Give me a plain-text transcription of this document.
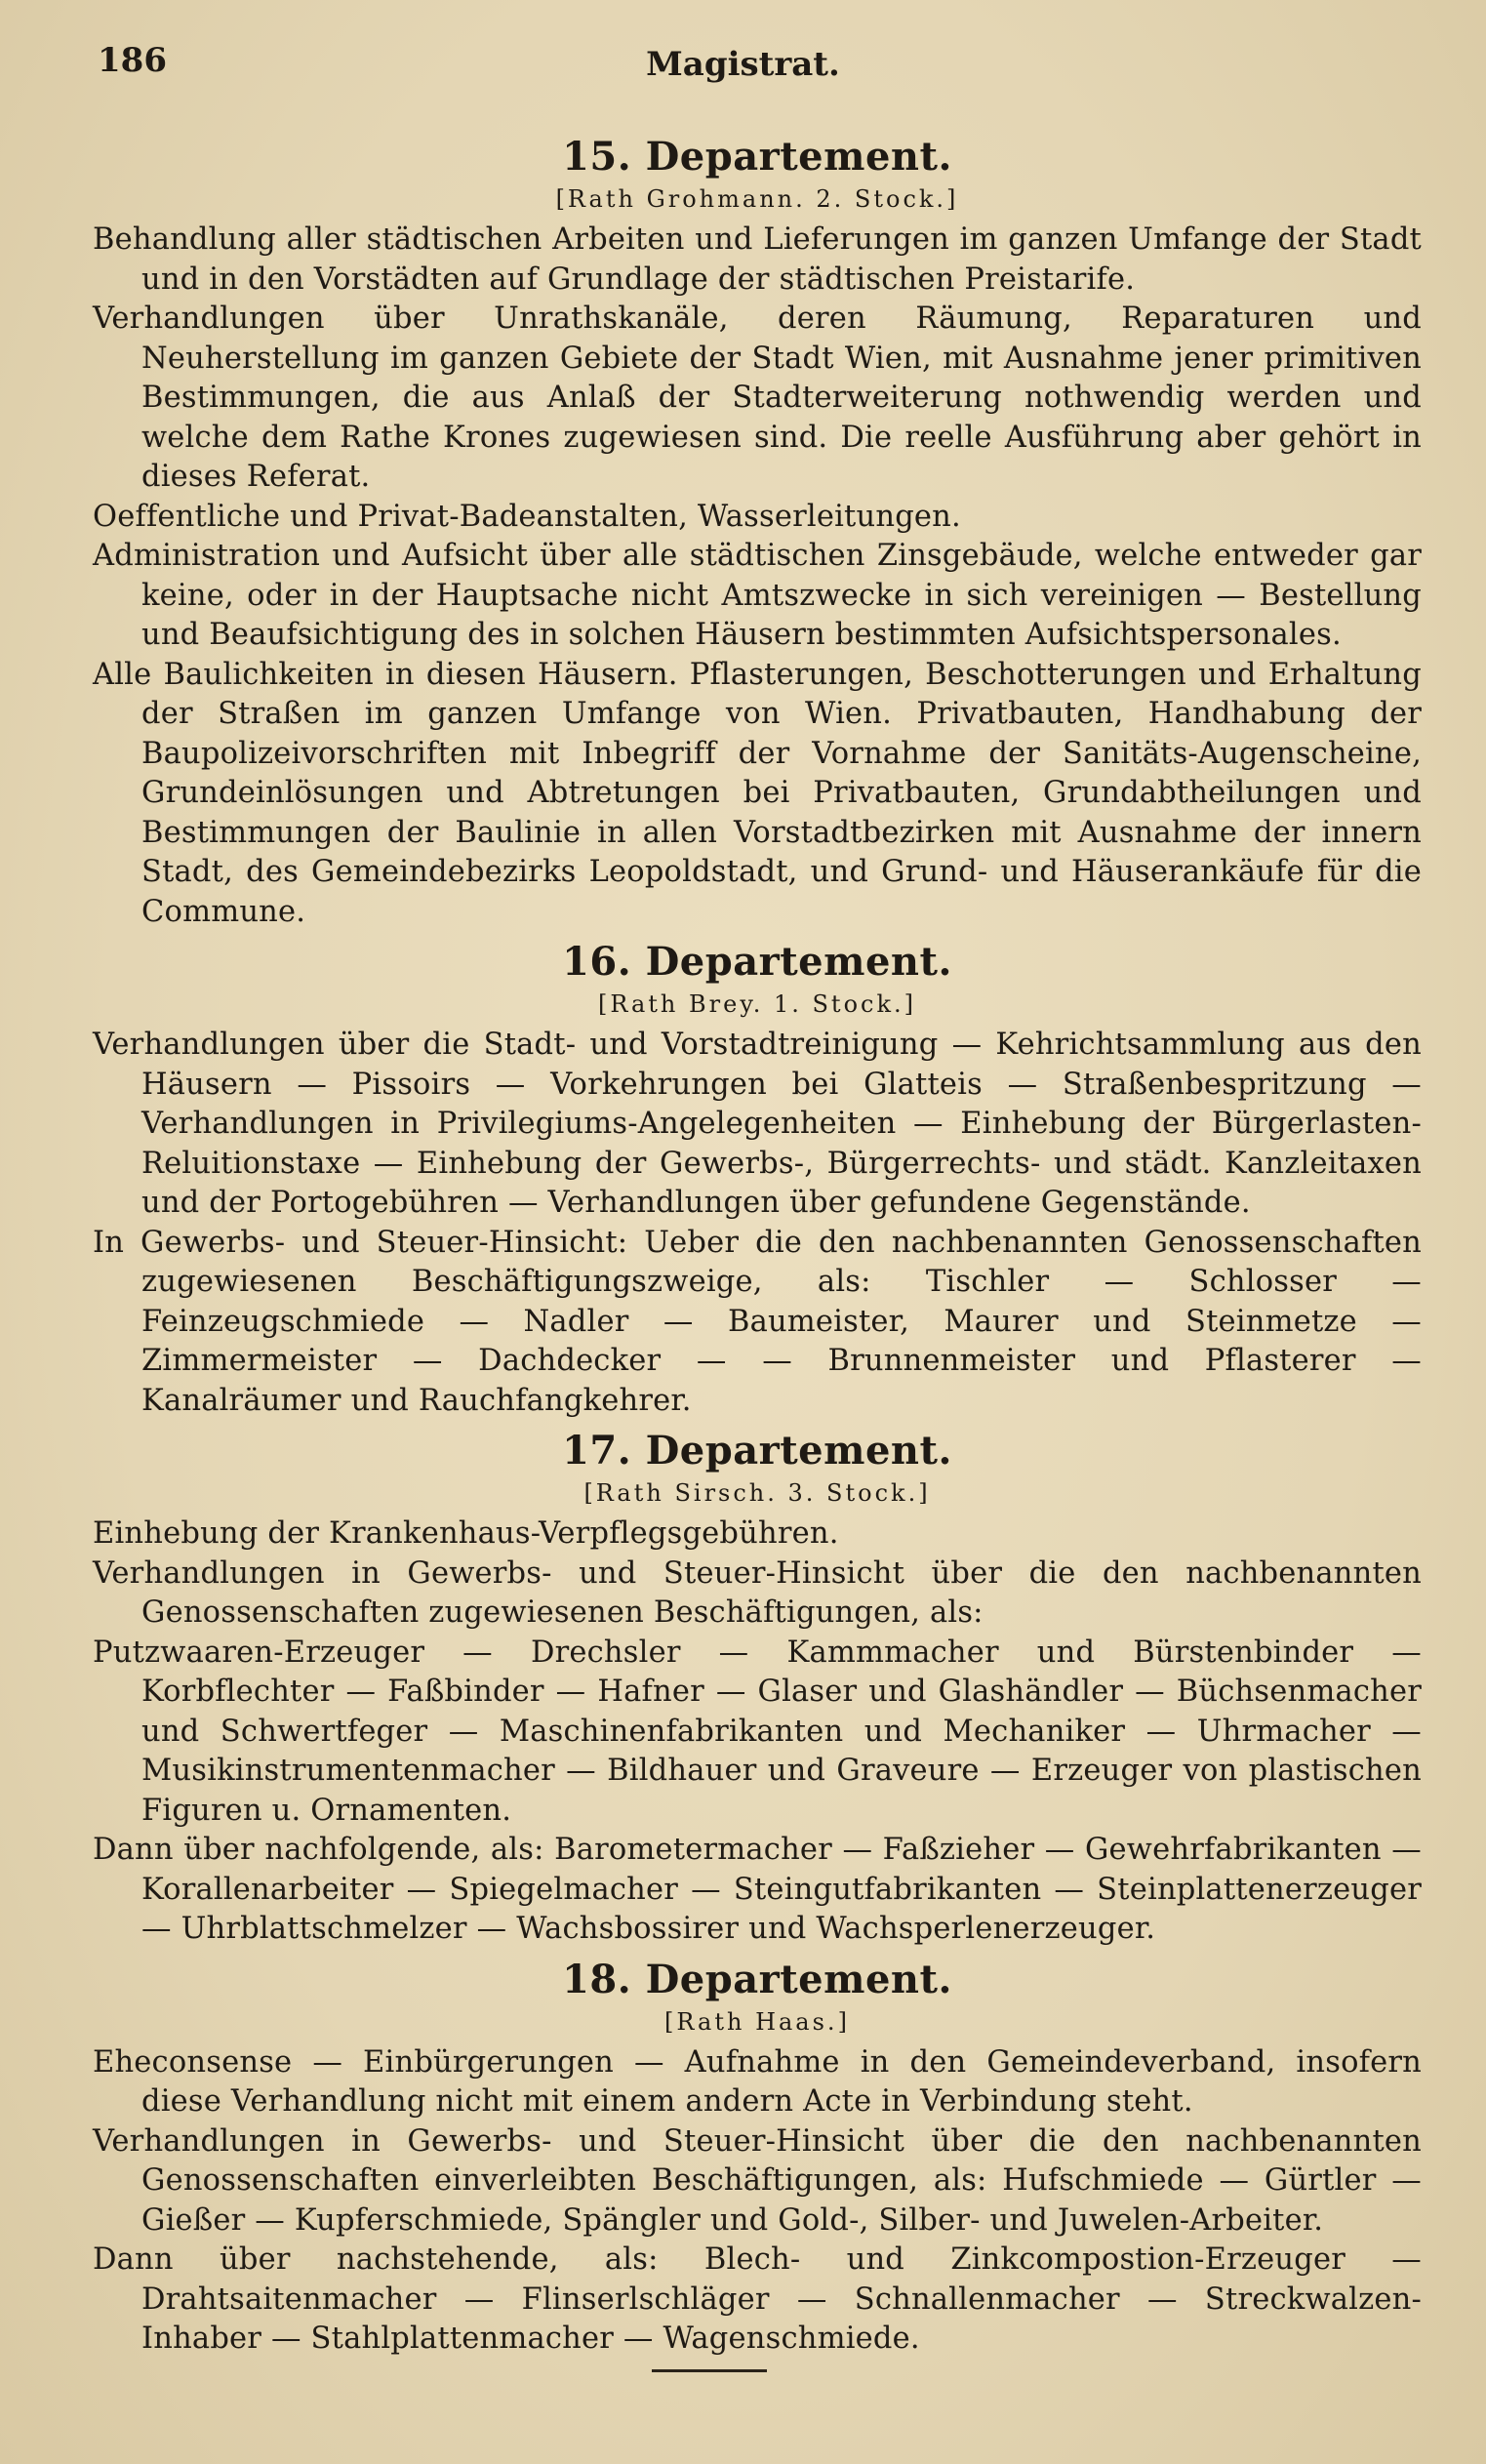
186	Magistrat.
15. Departement.
[Rath Grohmann. 2. Stock.]

Behandlung aller städtischen Arbeiten und Lieferungen im ganzen Umfange der Stadt und in den Vorstädten auf Grundlage der städtischen Preistarife.

Verhandlungen über Unrathskanäle, deren Räumung, Reparaturen und Neuherstellung im ganzen Gebiete der Stadt Wien, mit Ausnahme jener primitiven Bestimmungen, die aus Anlaß der Stadterweiterung nothwendig werden und welche dem Rathe Krones zugewiesen sind. Die reelle Ausführung aber gehört in dieses Referat.

Oeffentliche und Privat-Badeanstalten, Wasserleitungen.

Administration und Aufsicht über alle städtischen Zinsgebäude, welche entweder gar keine, oder in der Hauptsache nicht Amtszwecke in sich vereinigen — Bestellung und Beaufsichtigung des in solchen Häusern bestimmten Aufsichtspersonales.

Alle Baulichkeiten in diesen Häusern. Pflasterungen, Beschotterungen und Erhaltung der Straßen im ganzen Umfange von Wien. Privatbauten, Handhabung der Baupolizeivorschriften mit Inbegriff der Vornahme der Sanitäts-Augenscheine, Grundeinlösungen und Abtretungen bei Privatbauten, Grundabtheilungen und Bestimmungen der Baulinie in allen Vorstadtbezirken mit Ausnahme der innern Stadt, des Gemeindebezirks Leopoldstadt, und Grund- und Häuserankäufe für die Commune.

16. Departement.
[Rath Brey. 1. Stock.]

Verhandlungen über die Stadt- und Vorstadtreinigung — Kehrichtsammlung aus den Häusern — Pissoirs — Vorkehrungen bei Glatteis — Straßenbespritzung — Verhandlungen in Privilegiums-Angelegenheiten — Einhebung der Bürgerlasten-Reluitionstaxe — Einhebung der Gewerbs-, Bürgerrechts- und städt. Kanzleitaxen und der Portogebühren — Verhandlungen über gefundene Gegenstände.

In Gewerbs- und Steuer-Hinsicht: Ueber die den nachbenannten Genossenschaften zugewiesenen Beschäftigungszweige, als: Tischler — Schlosser — Feinzeugschmiede — Nadler — Baumeister, Maurer und Steinmetze — Zimmermeister — Dachdecker — — Brunnenmeister und Pflasterer — Kanalräumer und Rauchfangkehrer.

17. Departement.
[Rath Sirsch. 3. Stock.]

Einhebung der Krankenhaus-Verpflegsgebühren.

Verhandlungen in Gewerbs- und Steuer-Hinsicht über die den nachbenannten Genossenschaften zugewiesenen Beschäftigungen, als:

Putzwaaren-Erzeuger — Drechsler — Kammmacher und Bürstenbinder — Korbflechter — Faßbinder — Hafner — Glaser und Glashändler — Büchsenmacher und Schwertfeger — Maschinenfabrikanten und Mechaniker — Uhrmacher — Musikinstrumentenmacher — Bildhauer und Graveure — Erzeuger von plastischen Figuren u. Ornamenten.

Dann über nachfolgende, als: Barometermacher — Faßzieher — Gewehrfabrikanten — Korallenarbeiter — Spiegelmacher — Steingutfabrikanten — Steinplattenerzeuger — Uhrblattschmelzer — Wachsbossirer und Wachsperlenerzeuger.

18. Departement.
[Rath Haas.]

Eheconsense — Einbürgerungen — Aufnahme in den Gemeindeverband, insofern diese Verhandlung nicht mit einem andern Acte in Verbindung steht.

Verhandlungen in Gewerbs- und Steuer-Hinsicht über die den nachbenannten Genossenschaften einverleibten Beschäftigungen, als: Hufschmiede — Gürtler — Gießer — Kupferschmiede, Spängler und Gold-, Silber- und Juwelen-Arbeiter.

Dann über nachstehende, als: Blech- und Zinkcompostion-Erzeuger — Drahtsaitenmacher — Flinserlschläger — Schnallenmacher — Streckwalzen-Inhaber — Stahlplattenmacher — Wagenschmiede.
